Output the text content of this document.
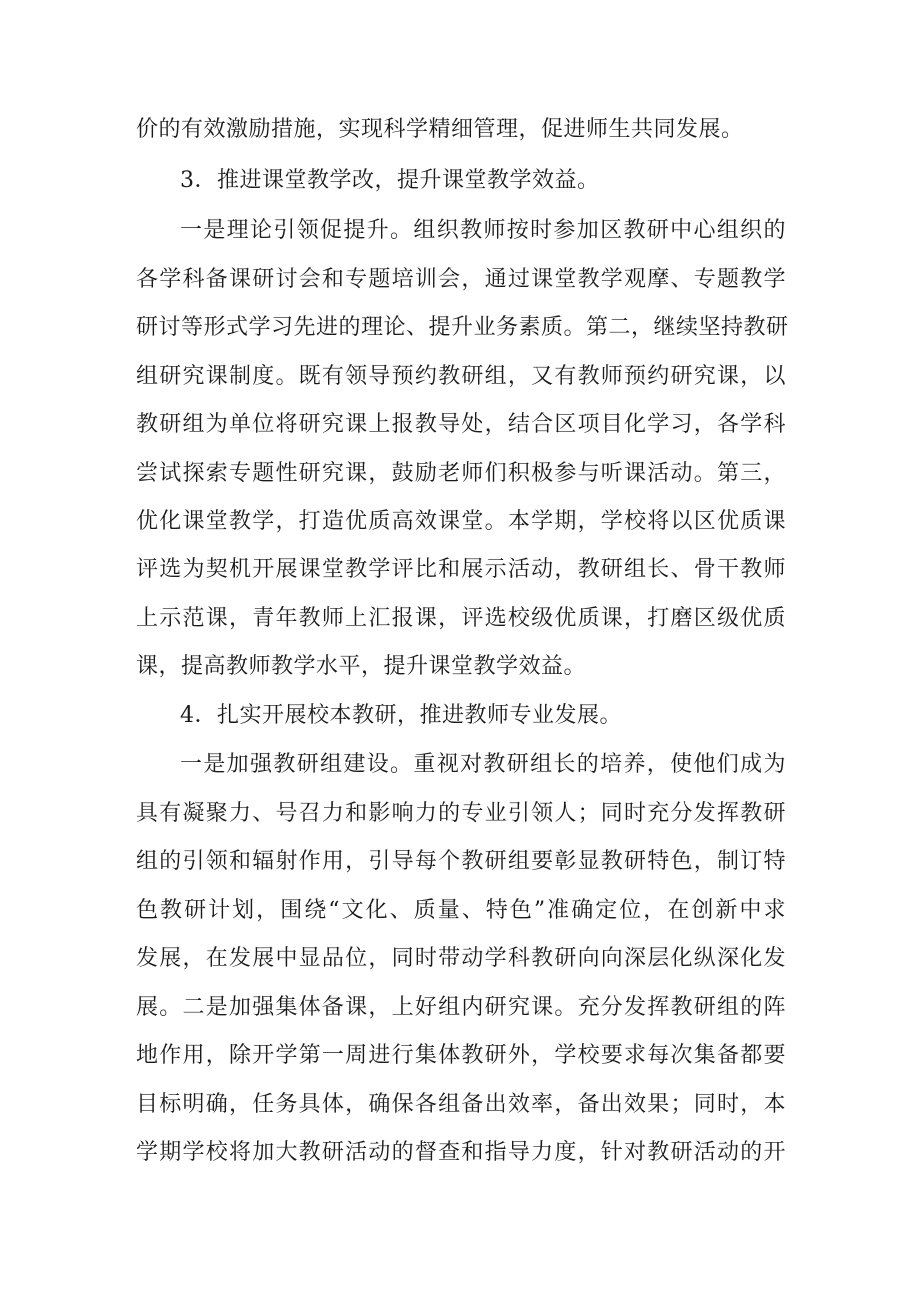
价的有效激励措施，实现科学精细管理，促进师生共同发展。
3．推进课堂教学改，提升课堂教学效益。
一是理论引领促提升。组织教师按时参加区教研中心组织的
各学科备课研讨会和专题培训会，通过课堂教学观摩、专题教学
研讨等形式学习先进的理论、提升业务素质。第二，继续坚持教研
组研究课制度。既有领导预约教研组，又有教师预约研究课，以
教研组为单位将研究课上报教导处，结合区项目化学习，各学科
尝试探索专题性研究课，鼓励老师们积极参与听课活动。第三，
优化课堂教学，打造优质高效课堂。本学期，学校将以区优质课
评选为契机开展课堂教学评比和展示活动，教研组长、骨干教师
上示范课，青年教师上汇报课，评选校级优质课，打磨区级优质
课，提高教师教学水平，提升课堂教学效益。
4．扎实开展校本教研，推进教师专业发展。
一是加强教研组建设。重视对教研组长的培养，使他们成为
具有凝聚力、号召力和影响力的专业引领人；同时充分发挥教研
组的引领和辐射作用，引导每个教研组要彰显教研特色，制订特
色教研计划，围绕“文化、质量、特色”准确定位，在创新中求
发展，在发展中显品位，同时带动学科教研向向深层化纵深化发
展。二是加强集体备课，上好组内研究课。充分发挥教研组的阵
地作用，除开学第一周进行集体教研外，学校要求每次集备都要
目标明确，任务具体，确保各组备出效率，备出效果；同时，本
学期学校将加大教研活动的督查和指导力度，针对教研活动的开
